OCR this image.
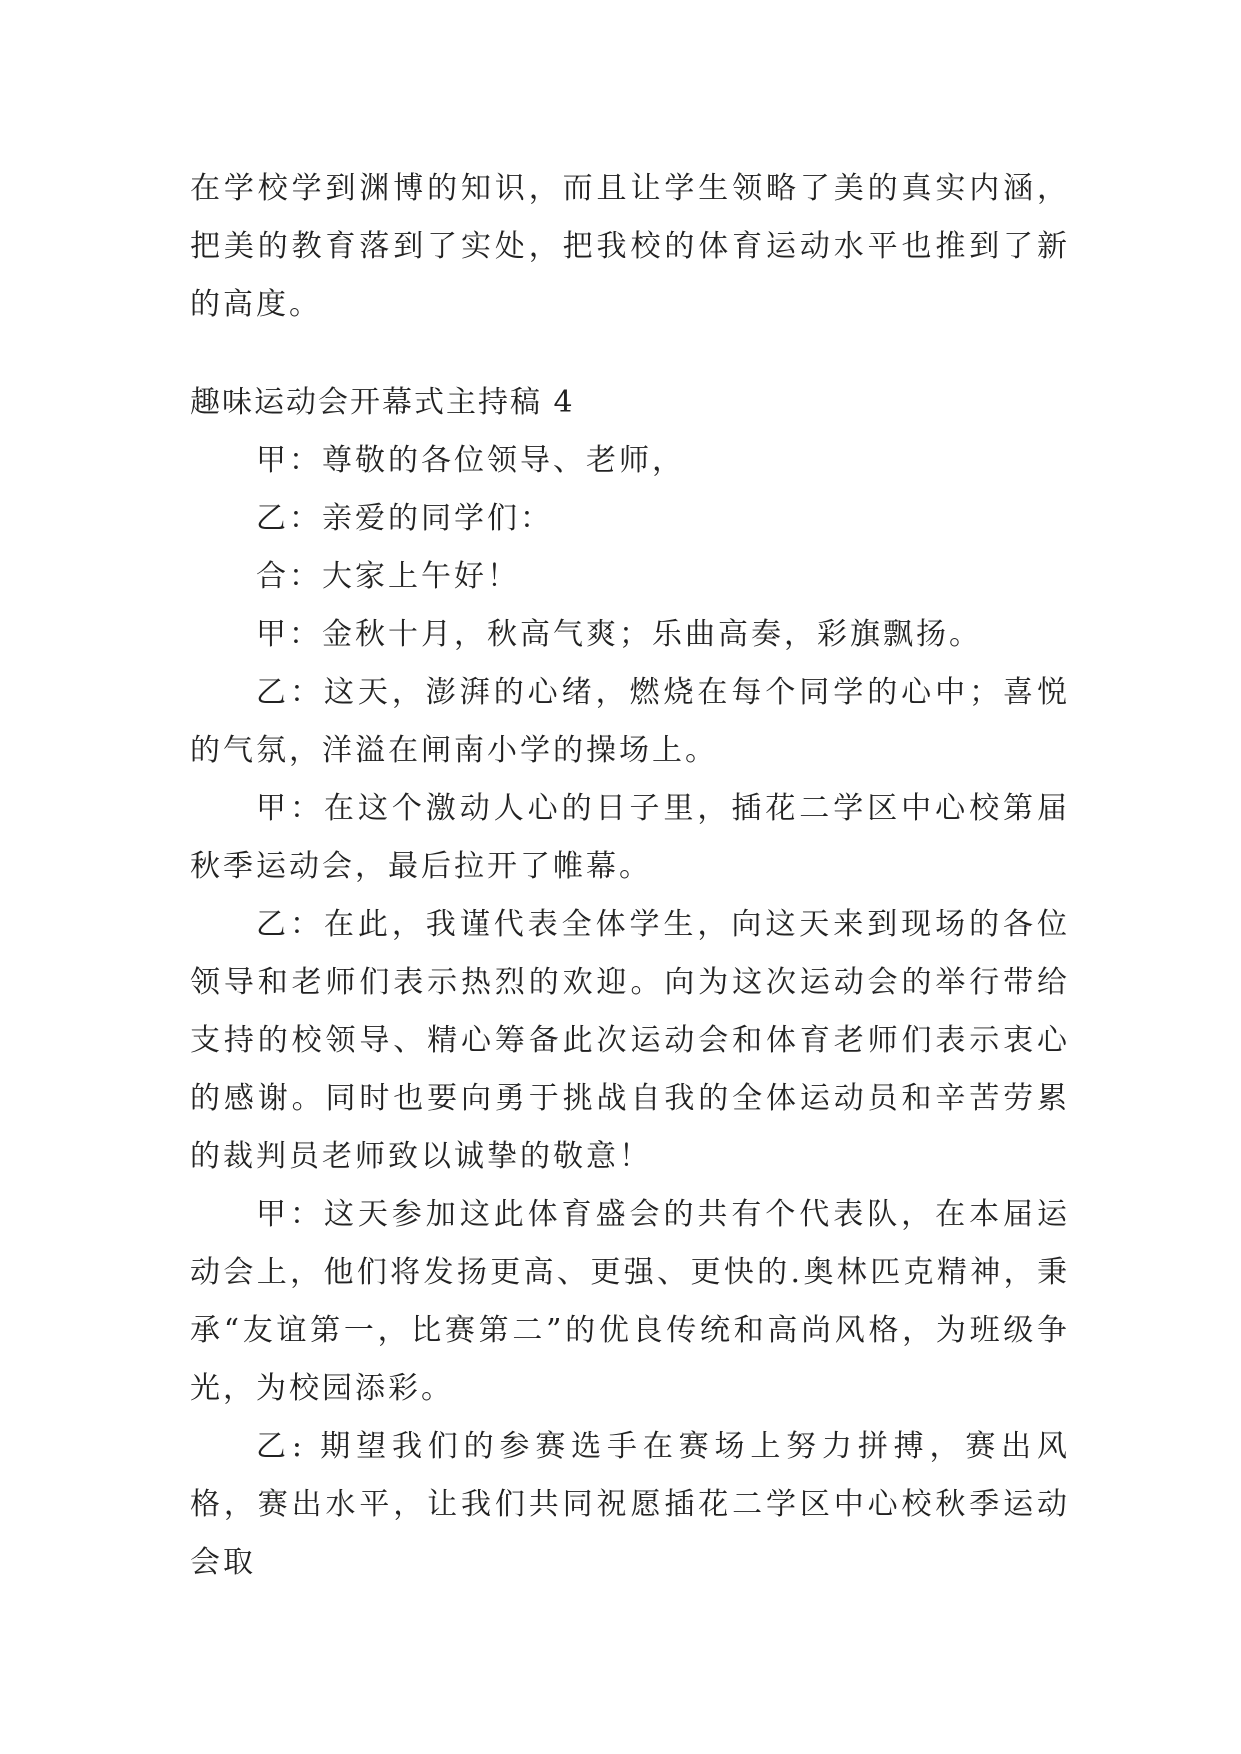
在学校学到渊博的知识，而且让学生领略了美的真实内涵，把美的教育落到了实处，把我校的体育运动水平也推到了新的高度。

趣味运动会开幕式主持稿 4

甲：尊敬的各位领导、老师，

乙：亲爱的同学们：

合：大家上午好！

甲：金秋十月，秋高气爽；乐曲高奏，彩旗飘扬。

乙：这天，澎湃的心绪，燃烧在每个同学的心中；喜悦的气氛，洋溢在闸南小学的操场上。

甲：在这个激动人心的日子里，插花二学区中心校第届秋季运动会，最后拉开了帷幕。

乙：在此，我谨代表全体学生，向这天来到现场的各位领导和老师们表示热烈的欢迎。向为这次运动会的举行带给支持的校领导、精心筹备此次运动会和体育老师们表示衷心的感谢。同时也要向勇于挑战自我的全体运动员和辛苦劳累的裁判员老师致以诚挚的敬意！

甲：这天参加这此体育盛会的共有个代表队，在本届运动会上，他们将发扬更高、更强、更快的.奥林匹克精神，秉承“友谊第一，比赛第二”的优良传统和高尚风格，为班级争光，为校园添彩。

乙: 期望我们的参赛选手在赛场上努力拼搏，赛出风格，赛出水平，让我们共同祝愿插花二学区中心校秋季运动会取
